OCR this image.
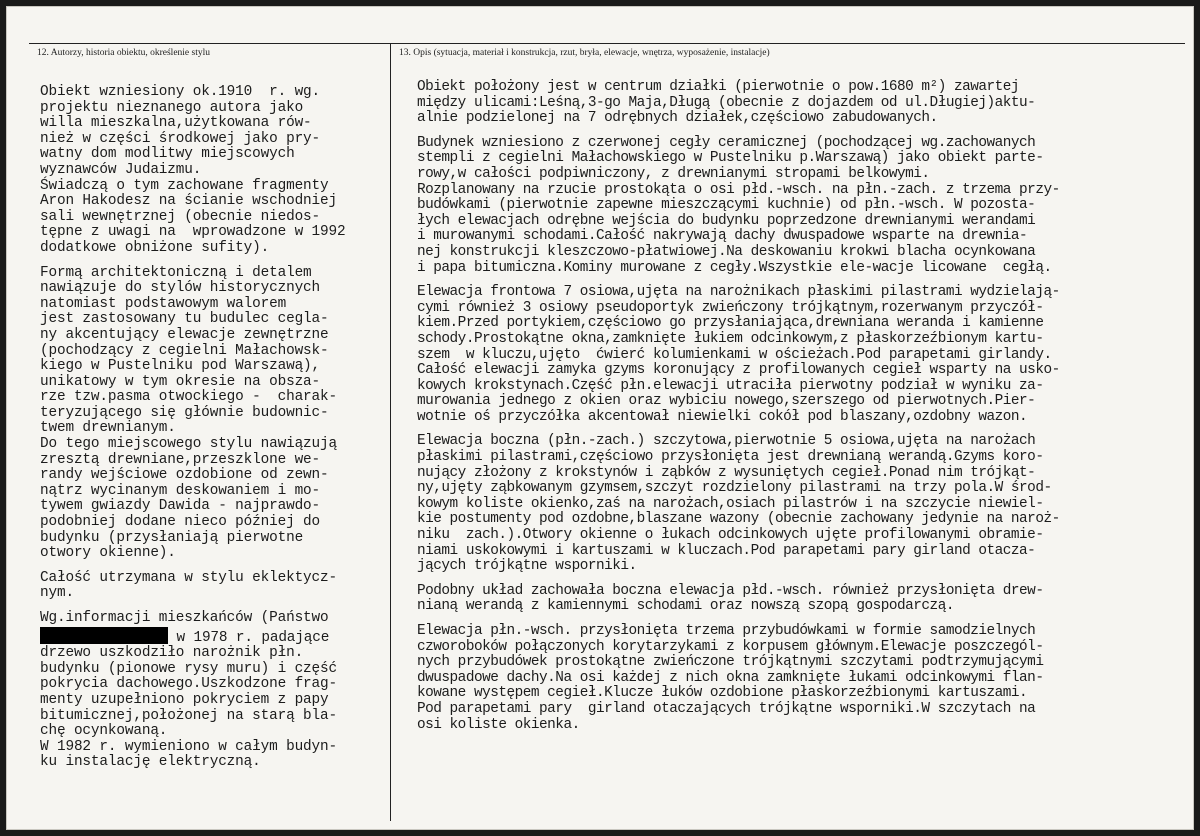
12. Autorzy, historia obiektu, określenie stylu	13. Opis (sytuacja, materiał i konstrukcja, rzut, bryła, elewacje, wnętrza, wyposażenie, instalacje)
Obiekt wzniesiony ok.1910  r. wg.
projektu nieznanego autora jako
willa mieszkalna,użytkowana rów-
nież w części środkowej jako pry-
watny dom modlitwy miejscowych
wyznawców Judaizmu.
Świadczą o tym zachowane fragmenty
Aron Hakodesz na ścianie wschodniej
sali wewnętrznej (obecnie niedos-
tępne z uwagi na  wprowadzone w 1992
dodatkowe obniżone sufity).
Formą architektoniczną i detalem
nawiązuje do stylów historycznych
natomiast podstawowym walorem
jest zastosowany tu budulec cegla-
ny akcentujący elewacje zewnętrzne
(pochodzący z cegielni Małachowsk-
kiego w Pustelniku pod Warszawą),
unikatowy w tym okresie na obsza-
rze tzw.pasma otwockiego -  charak-
teryzującego się głównie budownic-
twem drewnianym.
Do tego miejscowego stylu nawiązują
zresztą drewniane,przeszklone we-
randy wejściowe ozdobione od zewn-
nątrz wycinanym deskowaniem i mo-
tywem gwiazdy Dawida - najprawdo-
podobniej dodane nieco później do
budynku (przysłaniają pierwotne
otwory okienne).
Całość utrzymana w stylu eklektycz-
nym.
Wg.informacji mieszkańców (Państwo
w 1978 r. padające
drzewo uszkodziło narożnik płn.
budynku (pionowe rysy muru) i część
pokrycia dachowego.Uszkodzone frag-
menty uzupełniono pokryciem z papy
bitumicznej,położonej na starą bla-
chę ocynkowaną.
W 1982 r. wymieniono w całym budyn-
ku instalację elektryczną.
Obiekt położony jest w centrum działki (pierwotnie o pow.1680 m²) zawartej
między ulicami:Leśną,3-go Maja,Długą (obecnie z dojazdem od ul.Długiej)aktu-
alnie podzielonej na 7 odrębnych działek,częściowo zabudowanych.
Budynek wzniesiono z czerwonej cegły ceramicznej (pochodzącej wg.zachowanych
stempli z cegielni Małachowskiego w Pustelniku p.Warszawą) jako obiekt parte-
rowy,w całości podpiwniczony, z drewnianymi stropami belkowymi.
Rozplanowany na rzucie prostokąta o osi płd.-wsch. na płn.-zach. z trzema przy-
budówkami (pierwotnie zapewne mieszczącymi kuchnie) od płn.-wsch. W pozosta-
łych elewacjach odrębne wejścia do budynku poprzedzone drewnianymi werandami
i murowanymi schodami.Całość nakrywają dachy dwuspadowe wsparte na drewnia-
nej konstrukcji kleszczowo-płatwiowej.Na deskowaniu krokwi blacha ocynkowana
i papa bitumiczna.Kominy murowane z cegły.Wszystkie ele-wacje licowane  cegłą.
Elewacja frontowa 7 osiowa,ujęta na narożnikach płaskimi pilastrami wydzielają-
cymi również 3 osiowy pseudoportyk zwieńczony trójkątnym,rozerwanym przyczół-
kiem.Przed portykiem,częściowo go przysłaniająca,drewniana weranda i kamienne
schody.Prostokątne okna,zamknięte łukiem odcinkowym,z płaskorzeźbionym kartu-
szem  w kluczu,ujęto  ćwierć kolumienkami w ościeżach.Pod parapetami girlandy.
Całość elewacji zamyka gzyms koronujący z profilowanych cegieł wsparty na usko-
kowych krokstynach.Część płn.elewacji utraciła pierwotny podział w wyniku za-
murowania jednego z okien oraz wybiciu nowego,szerszego od pierwotnych.Pier-
wotnie oś przyczółka akcentował niewielki cokół pod blaszany,ozdobny wazon.
Elewacja boczna (płn.-zach.) szczytowa,pierwotnie 5 osiowa,ujęta na narożach
płaskimi pilastrami,częściowo przysłonięta jest drewnianą werandą.Gzyms koro-
nujący złożony z krokstynów i ząbków z wysuniętych cegieł.Ponad nim trójkąt-
ny,ujęty ząbkowanym gzymsem,szczyt rozdzielony pilastrami na trzy pola.W środ-
kowym koliste okienko,zaś na narożach,osiach pilastrów i na szczycie niewiel-
kie postumenty pod ozdobne,blaszane wazony (obecnie zachowany jedynie na naroż-
niku  zach.).Otwory okienne o łukach odcinkowych ujęte profilowanymi obramie-
niami uskokowymi i kartuszami w kluczach.Pod parapetami pary girland otacza-
jących trójkątne wsporniki.
Podobny układ zachowała boczna elewacja płd.-wsch. również przysłonięta drew-
nianą werandą z kamiennymi schodami oraz nowszą szopą gospodarczą.
Elewacja płn.-wsch. przysłonięta trzema przybudówkami w formie samodzielnych
czworoboków połączonych korytarzykami z korpusem głównym.Elewacje poszczegól-
nych przybudówek prostokątne zwieńczone trójkątnymi szczytami podtrzymującymi
dwuspadowe dachy.Na osi każdej z nich okna zamknięte łukami odcinkowymi flan-
kowane występem cegieł.Klucze łuków ozdobione płaskorzeźbionymi kartuszami.
Pod parapetami pary  girland otaczających trójkątne wsporniki.W szczytach na
osi koliste okienka.
